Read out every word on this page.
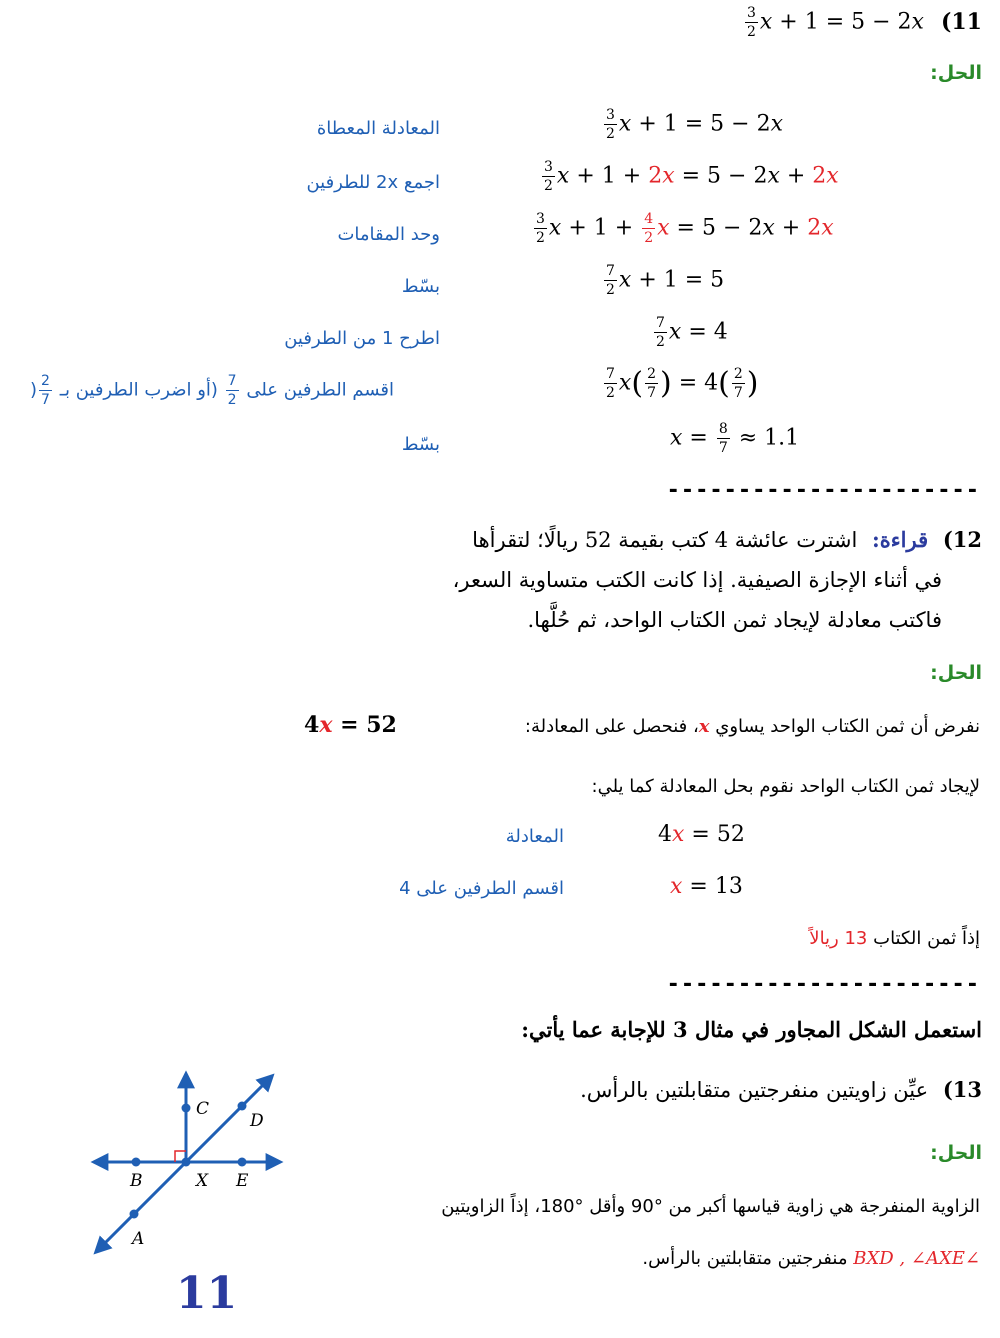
$\frac{3}{2}$ x + 1 = 5 − 2x (11
الحل:
$\frac{3}{2}$ x + 1 = 5 − 2x
المعادلة المعطاة
$\frac{3}{2}$ x + 1 + 2x = 5 − 2x + 2x
اجمع 2x للطرفين
$\frac{3}{2}$ $x + 1 + \frac{4}{2}$ x = 5 − 2x + 2x
وحد المقامات
$\frac{7}{2}$ x + 1 = 5
بسّط
$\frac{7}{2}$ x = 4
اطرح 1 من الطرفين
$\frac{7}{2} x( \frac{2}{7}$ ) = $4( \frac{2}{7}$ )
) $\frac{2}{7}$ (أو اضرب الطرفين بـ $\frac{7}{2}$ اقسم الطرفين على
$x = \frac{8}{7} \approx 1.1$
بسّط
----------------------
12) قراءة: اشترت عائشة 4 كتب بقيمة 52 ريالًا؛ لتقرأها
في أثناء الإجازة الصيفية. إذا كانت الكتب متساوية السعر،
فاكتب معادلة لإيجاد ثمن الكتاب الواحد، ثم حُلَّها.
الحل:
نفرض أن ثمن الكتاب الواحد يساوي x، فنحصل على المعادلة:
4x = 52
لإيجاد ثمن الكتاب الواحد نقوم بحل المعادلة كما يلي:
4x = 52
المعادلة
x = 13
اقسم الطرفين على 4
إذاً ثمن الكتاب 13 ريالاً
----------------------
استعمل الشكل المجاور في مثال 3 للإجابة عما يأتي:
13) عيِّن زاويتين منفرجتين متقابلتين بالرأس.
الحل:
الزاوية المنفرجة هي زاوية قياسها أكبر من °90 وأقل °180، إذاً الزاويتين
∠BXD , ∠AXE منفرجتين متقابلتين بالرأس.
C
D
B	X E
A
11
